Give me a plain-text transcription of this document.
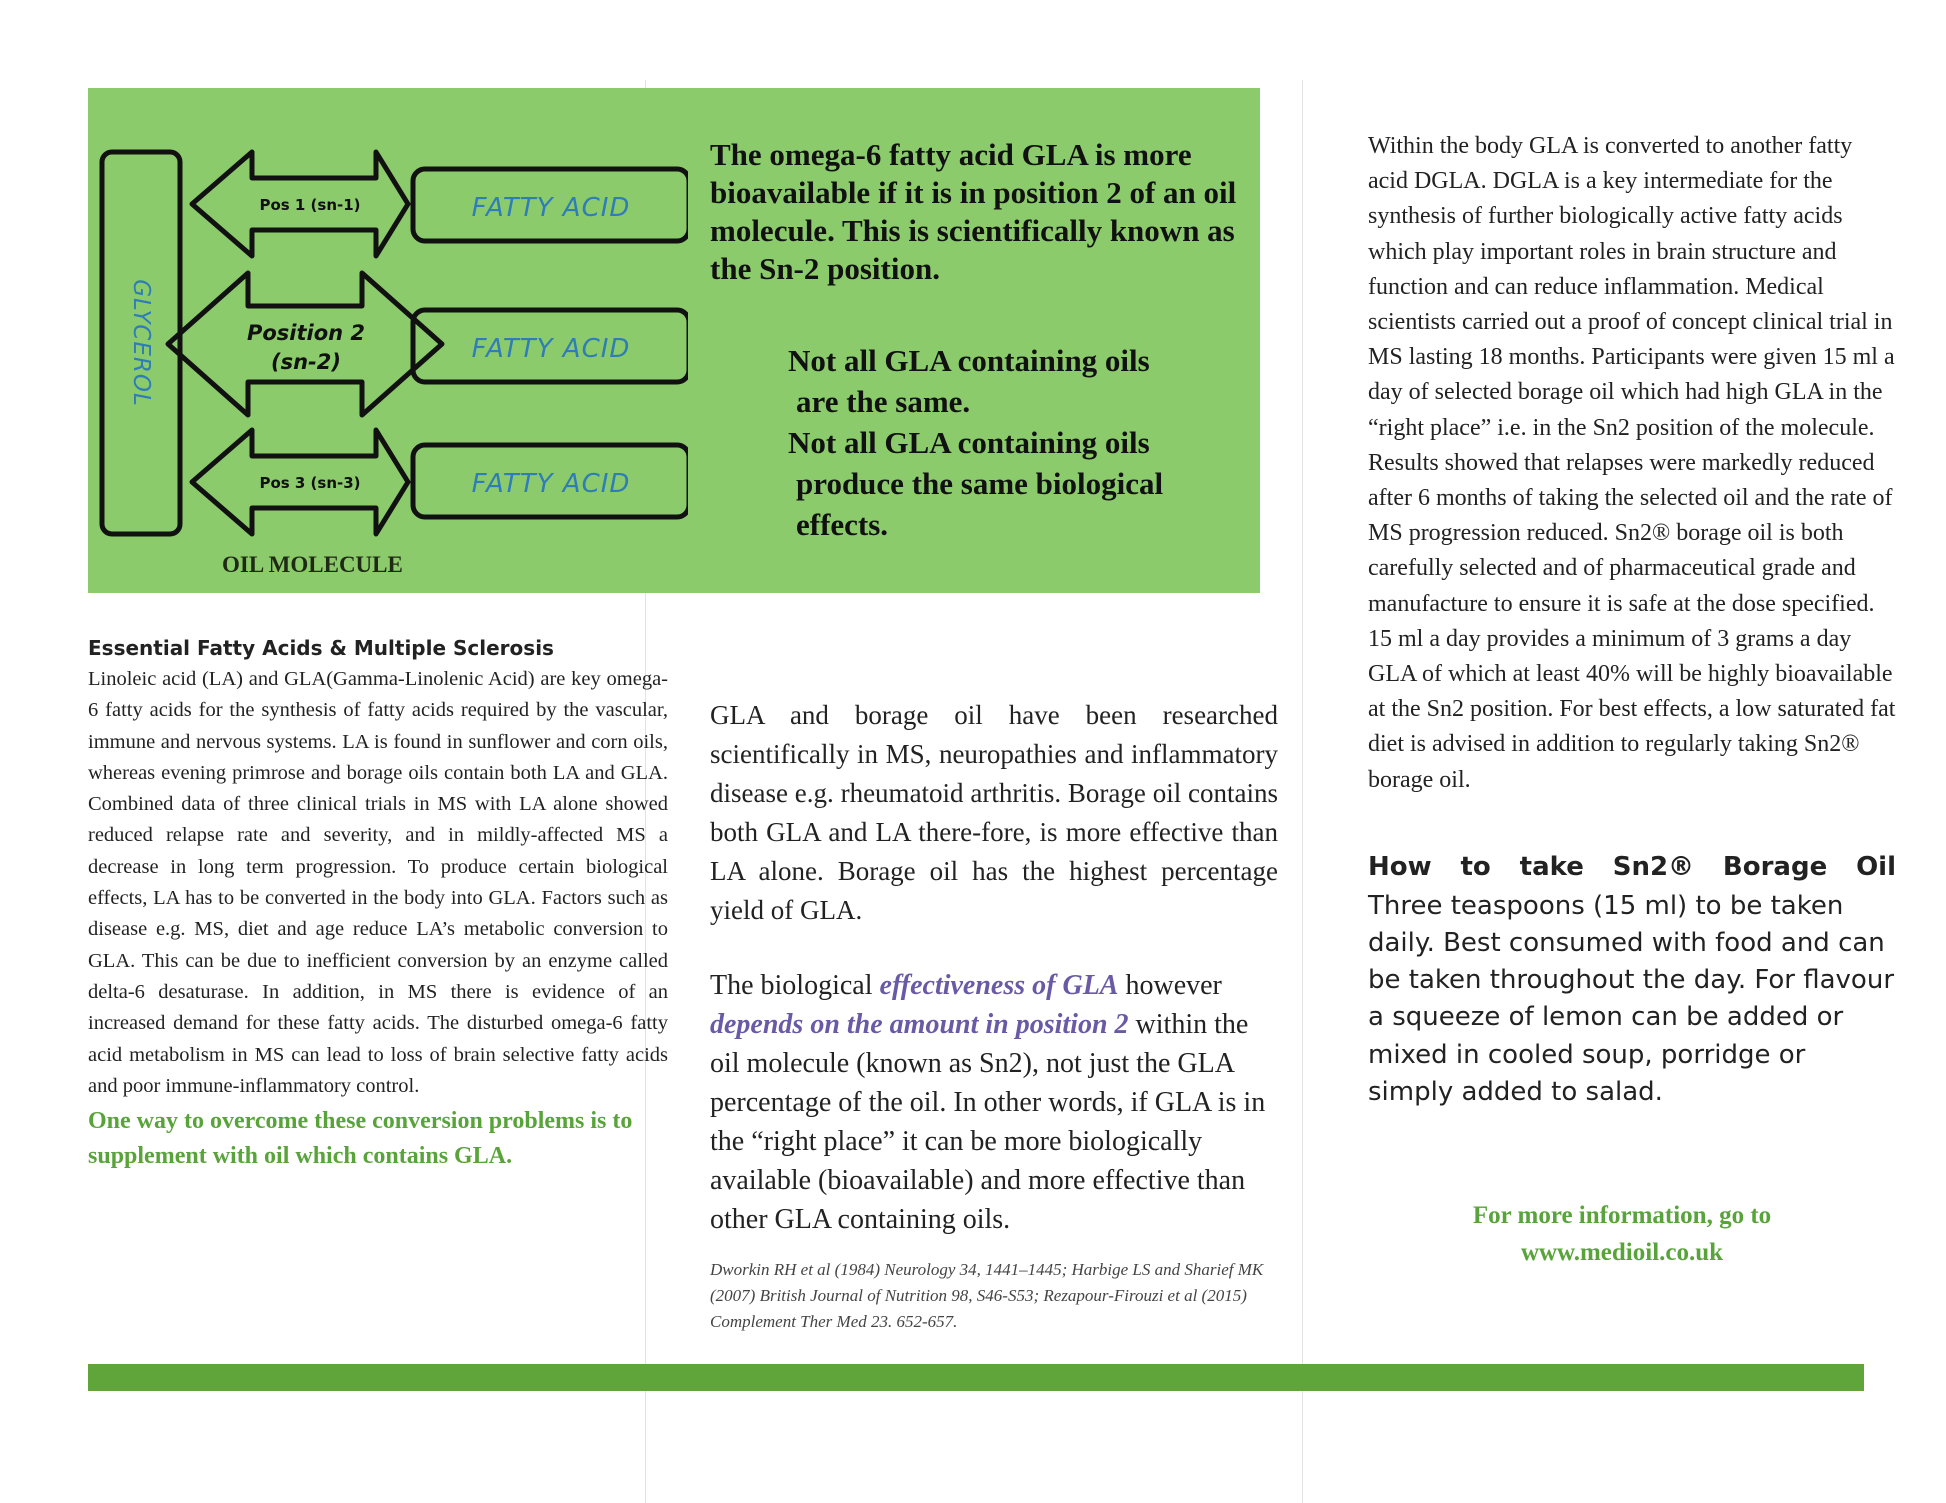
GLYCEROL
Pos 1 (sn-1)	FATTY ACID
Position 2
(sn-2)	FATTY ACID
Pos 3 (sn-3)	FATTY ACID
OIL MOLECULE
The omega-6 fatty acid GLA is more bioavailable if it is in position 2 of an oil molecule. This is scientifically known as the Sn-2 position.
Not all GLA containing oils
are the same.
Not all GLA containing oils
produce the same biological
effects.
Essential Fatty Acids & Multiple Sclerosis

Linoleic acid (LA) and GLA(Gamma-Linolenic Acid) are key omega-6 fatty acids for the synthesis of fatty acids required by the vascular, immune and nervous systems. LA is found in sunflower and corn oils, whereas evening primrose and borage oils contain both LA and GLA. Combined data of three clinical trials in MS with LA alone showed reduced relapse rate and severity, and in mildly-affected MS a decrease in long term progression. To produce certain biological effects, LA has to be converted in the body into GLA. Factors such as disease e.g. MS, diet and age reduce LA’s metabolic conversion to GLA. This can be due to inefficient conversion by an enzyme called delta-6 desaturase. In addition, in MS there is evidence of an increased demand for these fatty acids. The disturbed omega-6 fatty acid metabolism in MS can lead to loss of brain selective fatty acids and poor immune-inflammatory control.

One way to overcome these conversion problems is to supplement with oil which contains GLA.

GLA and borage oil have been researched scientifically in MS, neuropathies and inflammatory disease e.g. rheumatoid arthritis. Borage oil contains both GLA and LA there-fore, is more effective than LA alone. Borage oil has the highest percentage yield of GLA.

The biological effectiveness of GLA however depends on the amount in position 2 within the oil molecule (known as Sn2), not just the GLA percentage of the oil. In other words, if GLA is in the “right place” it can be more biologically available (bioavailable) and more effective than other GLA containing oils.

Dworkin RH et al (1984) Neurology 34, 1441–1445; Harbige LS and Sharief MK (2007) British Journal of Nutrition 98, S46-S53; Rezapour-Firouzi et al (2015) Complement Ther Med 23. 652-657.

Within the body GLA is converted to another fatty acid DGLA. DGLA is a key intermediate for the synthesis of further biologically active fatty acids which play important roles in brain structure and function and can reduce inflammation. Medical scientists carried out a proof of concept clinical trial in MS lasting 18 months. Participants were given 15 ml a day of selected borage oil which had high GLA in the “right place” i.e. in the Sn2 position of the molecule. Results showed that relapses were markedly reduced after 6 months of taking the selected oil and the rate of MS progression reduced. Sn2® borage oil is both carefully selected and of pharmaceutical grade and manufacture to ensure it is safe at the dose specified. 15 ml a day provides a minimum of 3 grams a day GLA of which at least 40% will be highly bioavailable at the Sn2 position. For best effects, a low saturated fat diet is advised in addition to regularly taking Sn2® borage oil.

How to take Sn2® Borage Oil

Three teaspoons (15 ml) to be taken daily. Best consumed with food and can be taken throughout the day. For flavour a squeeze of lemon can be added or mixed in cooled soup, porridge or simply added to salad.

For more information, go to
www.medioil.co.uk
